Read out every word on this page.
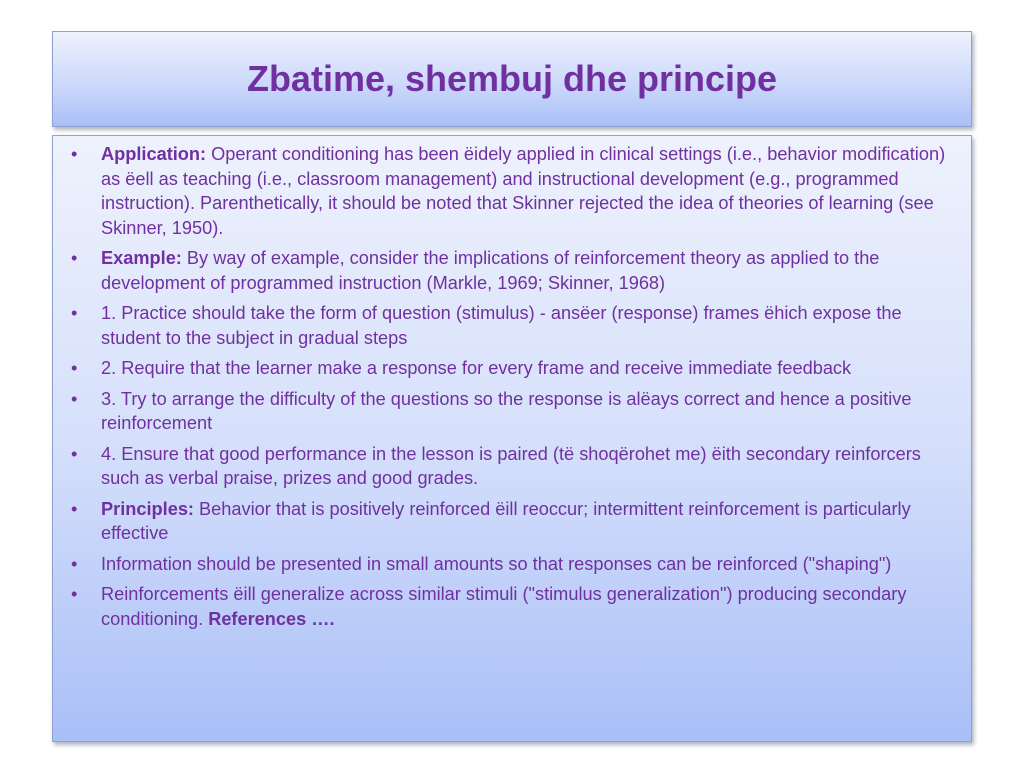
Zbatime, shembuj dhe principe
• Application: Operant conditioning has been ëidely applied in clinical settings (i.e., behavior modification) as ëell as teaching (i.e., classroom management) and instructional development (e.g., programmed instruction). Parenthetically, it should be noted that Skinner rejected the idea of theories of learning (see Skinner, 1950).
• Example: By way of example, consider the implications of reinforcement theory as applied to the development of programmed instruction (Markle, 1969; Skinner, 1968)
• 1. Practice should take the form of question (stimulus) - ansëer (response) frames ëhich expose the student to the subject in gradual steps
• 2. Require that the learner make a response for every frame and receive immediate feedback
• 3. Try to arrange the difficulty of the questions so the response is alëays correct and hence a positive reinforcement
• 4. Ensure that good performance in the lesson is paired (të shoqërohet me) ëith secondary reinforcers such as verbal praise, prizes and good grades.
• Principles: Behavior that is positively reinforced ëill reoccur; intermittent reinforcement is particularly effective
• Information should be presented in small amounts so that responses can be reinforced ("shaping")
• Reinforcements ëill generalize across similar stimuli ("stimulus generalization") producing secondary conditioning. References ….
